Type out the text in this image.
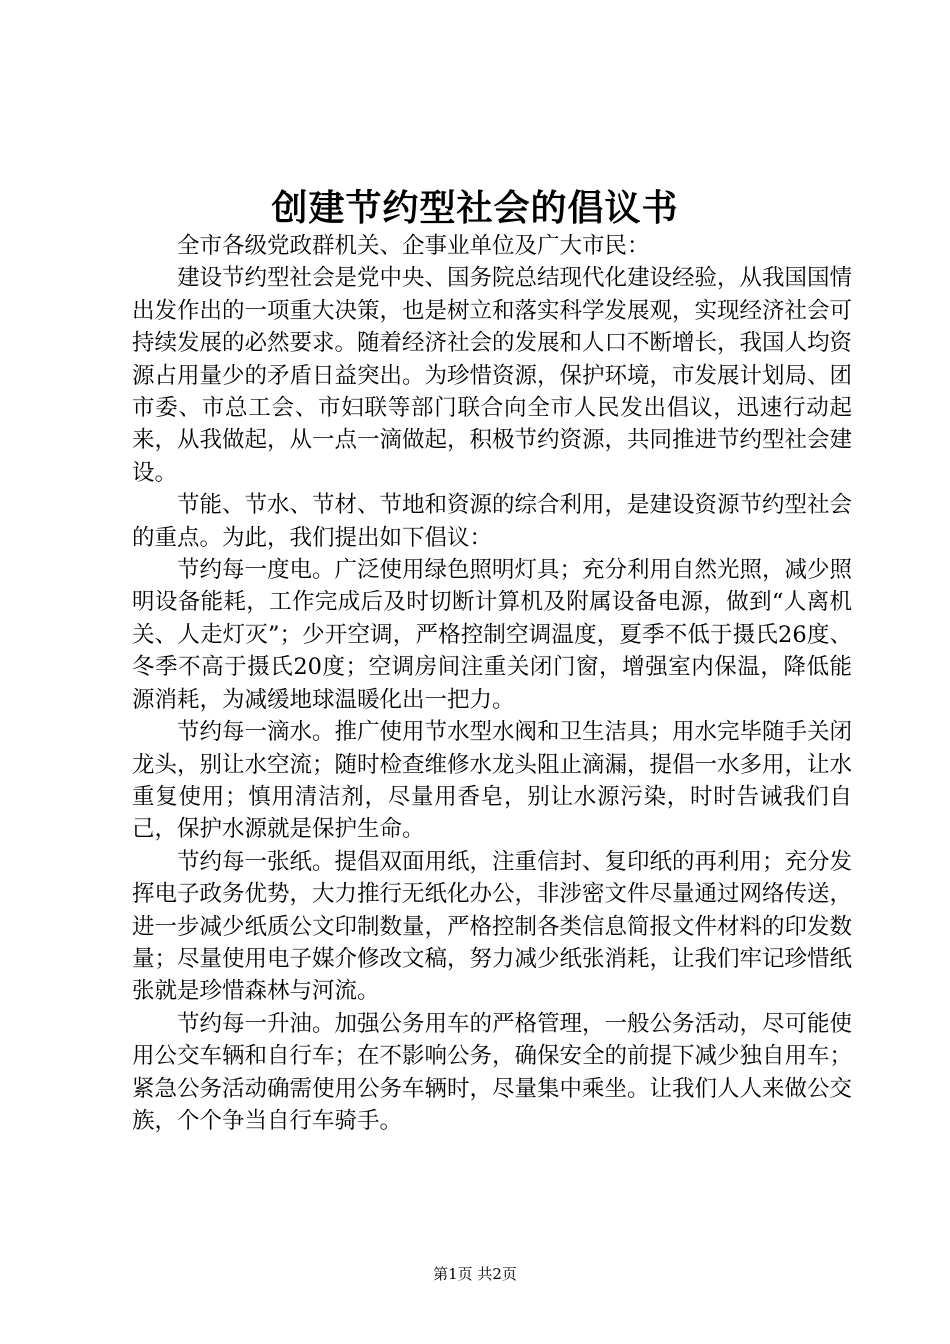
创建节约型社会的倡议书

全市各级党政群机关、企事业单位及广大市民：

建设节约型社会是党中央、国务院总结现代化建设经验，从我国国情出发作出的一项重大决策，也是树立和落实科学发展观，实现经济社会可持续发展的必然要求。随着经济社会的发展和人口不断增长，我国人均资源占用量少的矛盾日益突出。为珍惜资源，保护环境，市发展计划局、团市委、市总工会、市妇联等部门联合向全市人民发出倡议，迅速行动起来，从我做起，从一点一滴做起，积极节约资源，共同推进节约型社会建设。

节能、节水、节材、节地和资源的综合利用，是建设资源节约型社会的重点。为此，我们提出如下倡议：

节约每一度电。广泛使用绿色照明灯具；充分利用自然光照，减少照明设备能耗，工作完成后及时切断计算机及附属设备电源，做到“人离机关、人走灯灭”；少开空调，严格控制空调温度，夏季不低于摄氏26度、冬季不高于摄氏20度；空调房间注重关闭门窗，增强室内保温，降低能源消耗，为减缓地球温暖化出一把力。

节约每一滴水。推广使用节水型水阀和卫生洁具；用水完毕随手关闭龙头，别让水空流；随时检查维修水龙头阻止滴漏，提倡一水多用，让水重复使用；慎用清洁剂，尽量用香皂，别让水源污染，时时告诫我们自己，保护水源就是保护生命。

节约每一张纸。提倡双面用纸，注重信封、复印纸的再利用；充分发挥电子政务优势，大力推行无纸化办公，非涉密文件尽量通过网络传送，进一步减少纸质公文印制数量，严格控制各类信息简报文件材料的印发数量；尽量使用电子媒介修改文稿，努力减少纸张消耗，让我们牢记珍惜纸张就是珍惜森林与河流。

节约每一升油。加强公务用车的严格管理，一般公务活动，尽可能使用公交车辆和自行车；在不影响公务，确保安全的前提下减少独自用车；紧急公务活动确需使用公务车辆时，尽量集中乘坐。让我们人人来做公交族，个个争当自行车骑手。

第1页 共2页
